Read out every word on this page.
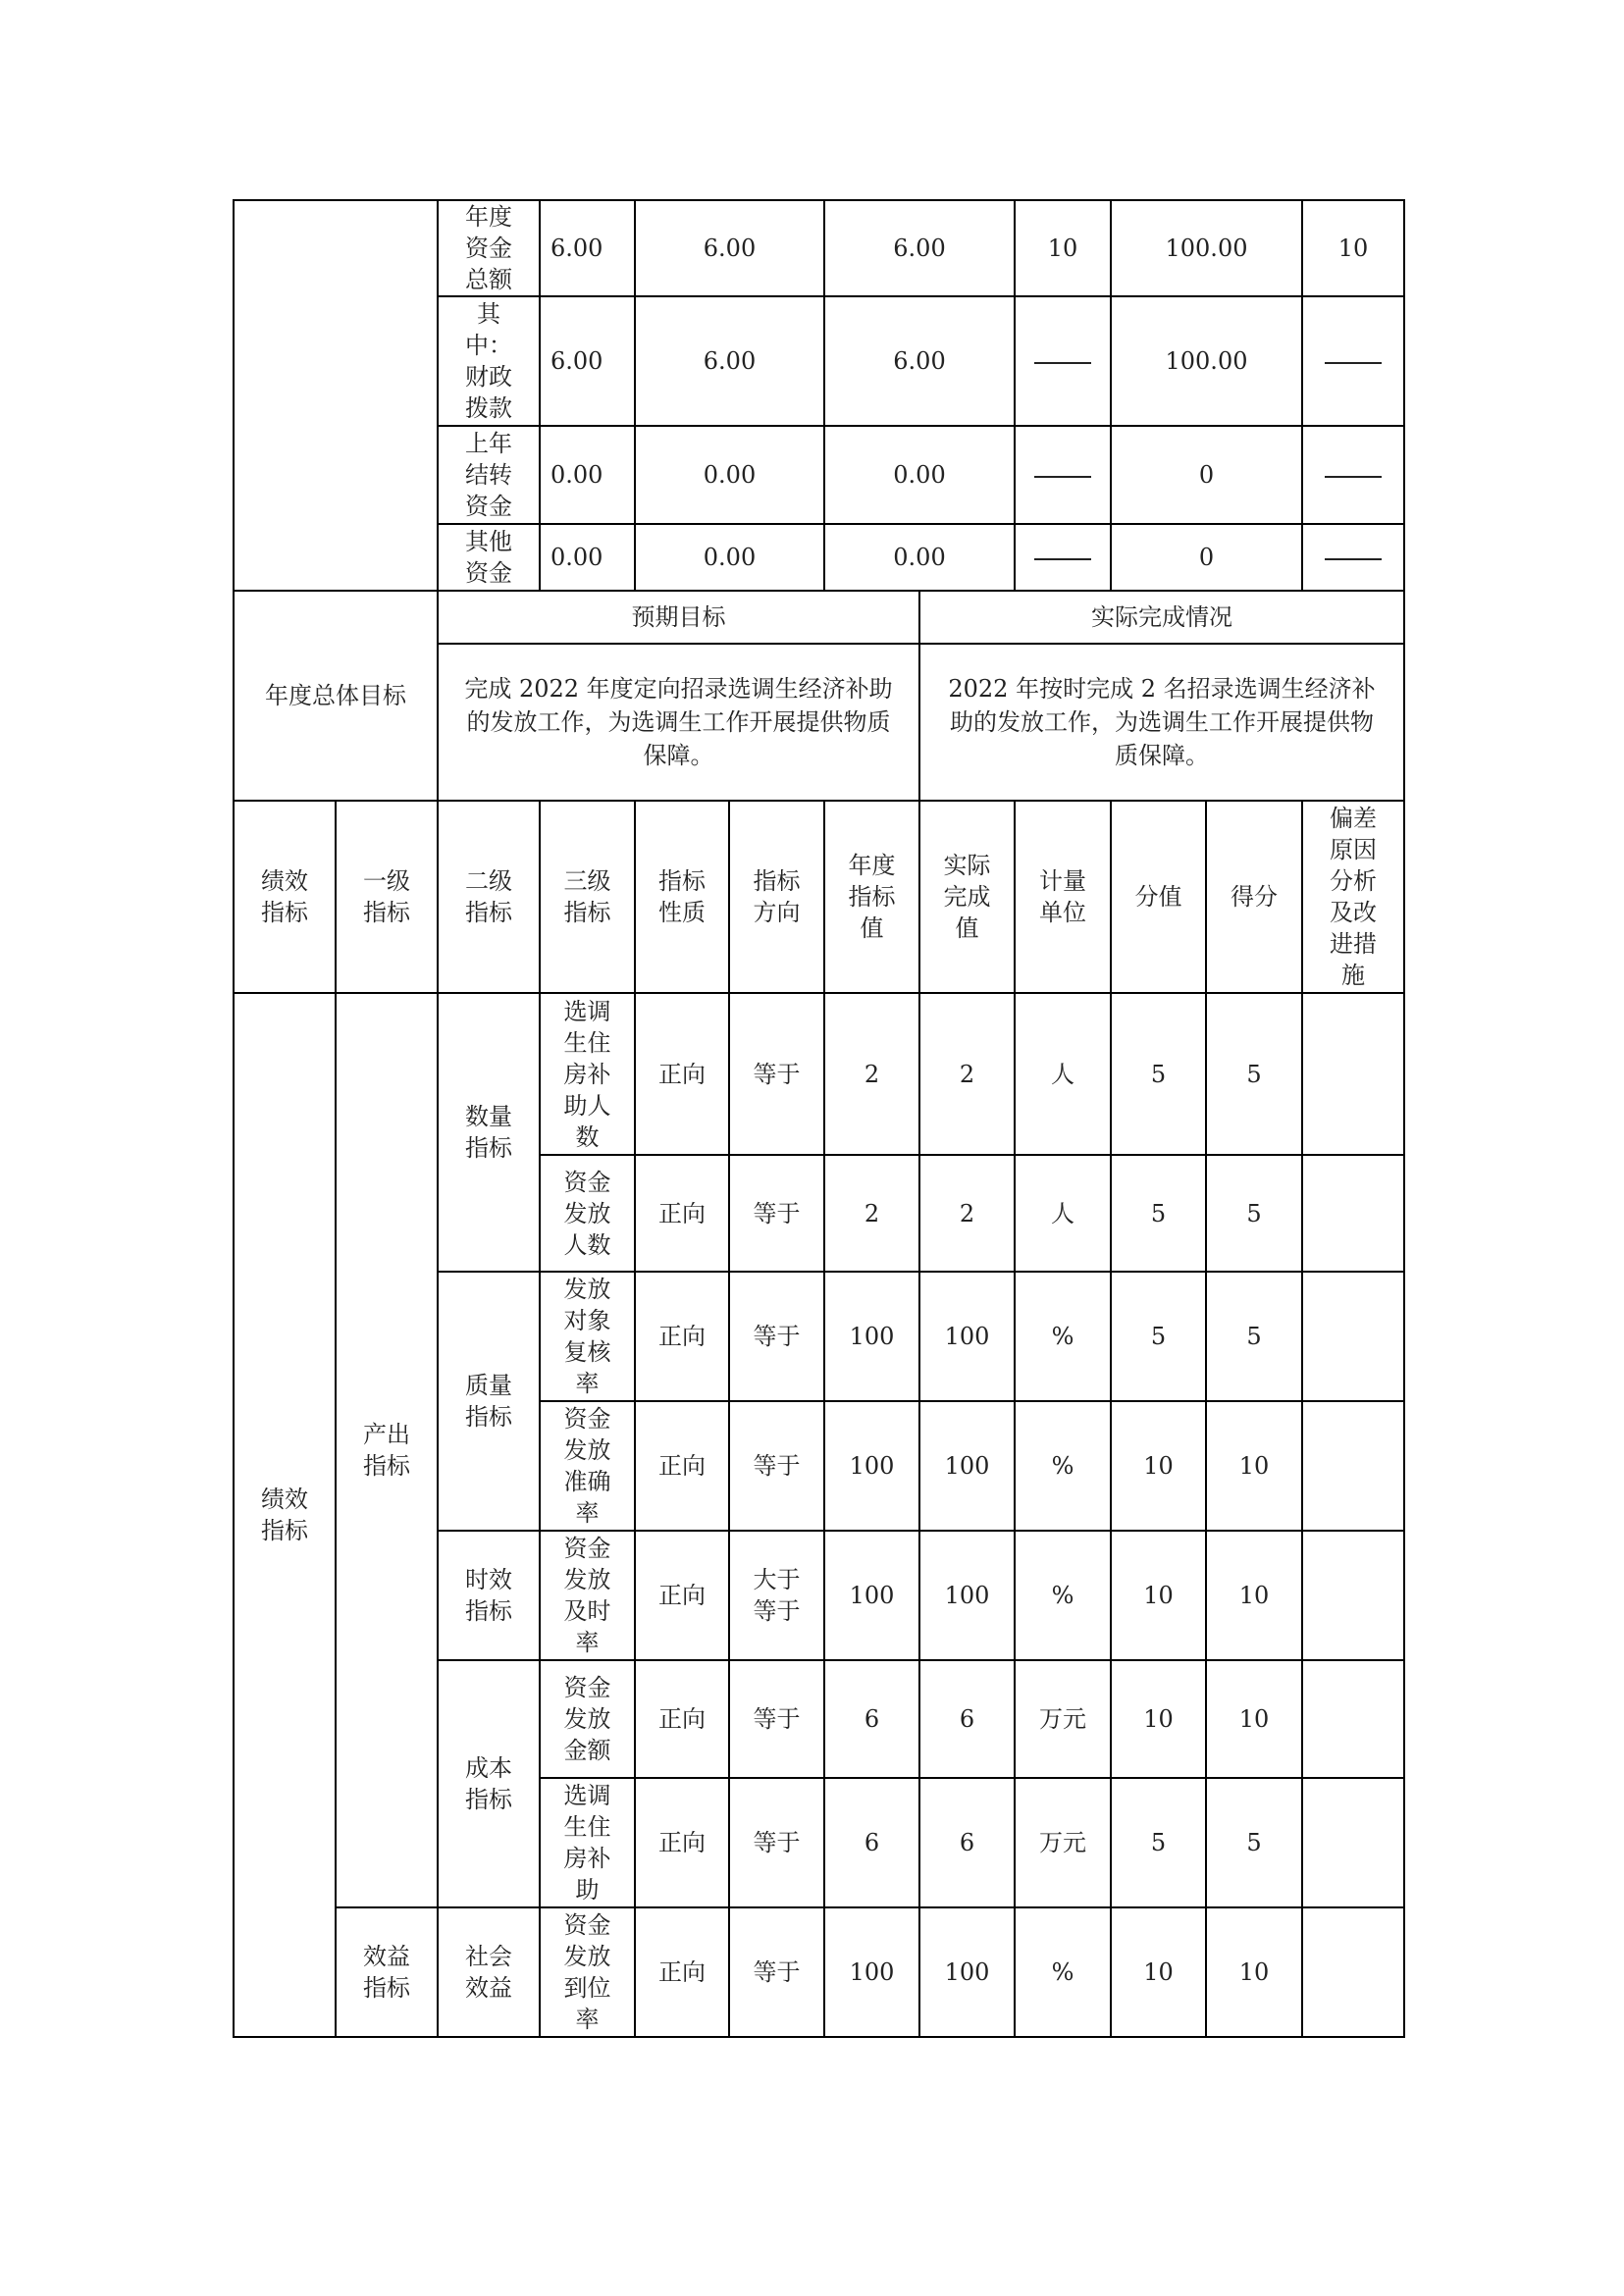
		年度资金总额	6.00	6.00		6.00		10	100.00		10
		其中：财政拨款	6.00	6.00		6.00			100.00		
		上年结转资金	0.00	0.00		0.00			0		
		其他资金	0.00	0.00		0.00			0		
年度总体目标		预期目标					实际完成情况				
		完成 2022 年度定向招录选调生经济补助的发放工作，为选调生工作开展提供物质保障。					2022 年按时完成 2 名招录选调生经济补助的发放工作，为选调生工作开展提供物质保障。				
绩效指标	一级指标	二级指标	三级指标	指标性质	指标方向	年度指标值	实际完成值	计量单位	分值	得分	偏差原因分析及改进措施
绩效指标	产出指标	数量指标	选调生住房补助人数	正向	等于	2	2	人	5	5	
			资金发放人数	正向	等于	2	2	人	5	5	
		质量指标	发放对象复核率	正向	等于	100	100	%	5	5	
			资金发放准确率	正向	等于	100	100	%	10	10	
		时效指标	资金发放及时率	正向	大于等于	100	100	%	10	10	
		成本指标	资金发放金额	正向	等于	6	6	万元	10	10	
			选调生住房补助	正向	等于	6	6	万元	5	5	
	效益指标	社会效益	资金发放到位率	正向	等于	100	100	%	10	10	
